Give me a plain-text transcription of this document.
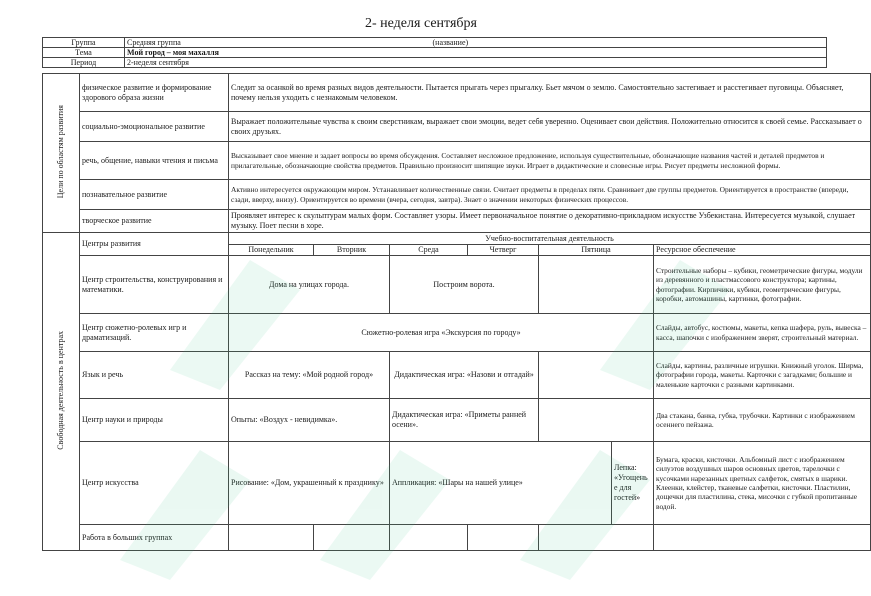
2- неделя сентября
Группа	Средняя группа (название)

Тема	Мой город – моя махалля
Период	2-неделя сентября
Цели по областям развития	физическое развитие и формирование здорового образа жизни	Следит за осанкой во время разных видов деятельности. Пытается прыгать через прыгалку. Бьет мячом о землю. Самостоятельно застегивает и расстегивает пуговицы. Объясняет, почему нельзя уходить с незнакомым человеком.						
	социально-эмоциональное развитие	Выражает положительные чувства к своим сверстникам, выражает свои эмоции, ведет себя уверенно. Оценивает свои действия. Положительно относится к своей семье. Рассказывает о своих друзьях.						
	речь, общение, навыки чтения и письма	Высказывает свое мнение и задает вопросы во время обсуждения. Составляет несложное предложение, используя существительные, обозначающие названия частей и деталей предметов и прилагательные, обозначающие свойства предметов. Правильно произносит шипящие звуки. Играет в дидактические и словесные игры. Рисует предметы несложной формы.						
	познавательное развитие	Активно интересуется окружающим миром. Устанавливает количественные связи. Считает предметы в пределах пяти. Сравнивает две группы предметов. Ориентируется в пространстве (впереди, сзади, вверху, внизу). Ориентируется во времени (вчера, сегодня, завтра). Знает о значении некоторых физических процессов.						
	творческое развитие	Проявляет интерес к скульптурам малых форм. Составляет узоры. Имеет первоначальное понятие о декоративно-прикладном искусстве Узбекистана. Интересуется музыкой, слушает музыку. Поет песни в хоре.						
Свободная деятельность в центрах	Центры развития	Учебно-воспитательная деятельность						
		Понедельник	Вторник	Среда	Четверг	Пятница		Ресурсное обеспечение
	Центр строительства, конструирования и математики.	Дома на улицах города.		Построим ворота.				Строительные наборы – кубики, геометрические фигуры, модули из деревянного и пластмассового конструктора; картины, фотографии. Кирпичики, кубики, геометрические фигуры, коробки, автомашины, картинки, фотографии.
	Центр сюжетно-ролевых игр и драматизаций.	Сюжетно-ролевая игра «Экскурсия по городу»						Слайды, автобус, костюмы, макеты, кепка шафера, руль, вывеска – касса, шапочки с изображением зверят, строительный материал.
	Язык и речь	Рассказ на тему: «Мой родной город»		Дидактическая игра: «Назови и отгадай»				Слайды, картины, различные игрушки. Книжный уголок. Ширма, фотографии города, макеты. Карточки с загадками; большие и маленькие карточки с разными картинками.
	Центр науки и природы	Опыты: «Воздух - невидимка».		Дидактическая игра: «Приметы ранней осени».				Два стакана, банка, губка, трубочки. Картинки с изображением осеннего пейзажа.
	Центр искусства	Рисование: «Дом, украшенный к празднику»		Аппликация: «Шары на нашей улице»			Лепка: «Угощень е для гостей»	Бумага, краски, кисточки. Альбомный лист с изображением силуэтов воздушных шаров основных цветов, тарелочки с кусочками нарезанных цветных салфеток, смятых в шарики. Клеенки, клейстер, тканевые салфетки, кисточки. Пластилин, дощечки для пластилина, стека, мисочки с губкой пропитанные водой.
	Работа в больших группах							
